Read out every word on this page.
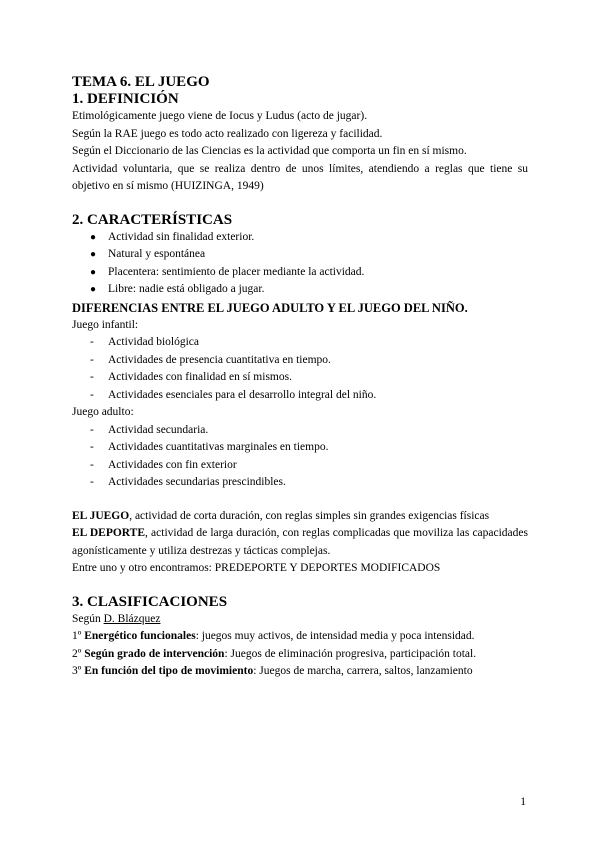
TEMA 6. EL JUEGO

1. DEFINICIÓN

Etimológicamente juego viene de Iocus y Ludus (acto de jugar).

Según la RAE juego es todo acto realizado con ligereza y facilidad.

Según el Diccionario de las Ciencias es la actividad que comporta un fin en sí mismo.

Actividad voluntaria, que se realiza dentro de unos límites, atendiendo a reglas que tiene su objetivo en sí mismo (HUIZINGA, 1949)

2. CARACTERÍSTICAS

● Actividad sin finalidad exterior.
● Natural y espontánea
● Placentera: sentimiento de placer mediante la actividad.
● Libre: nadie está obligado a jugar.

DIFERENCIAS ENTRE EL JUEGO ADULTO Y EL JUEGO DEL NIÑO.

Juego infantil:

- Actividad biológica
- Actividades de presencia cuantitativa en tiempo.
- Actividades con finalidad en sí mismos.
- Actividades esenciales para el desarrollo integral del niño.

Juego adulto:

- Actividad secundaria.
- Actividades cuantitativas marginales en tiempo.
- Actividades con fin exterior
- Actividades secundarias prescindibles.

EL JUEGO, actividad de corta duración, con reglas simples sin grandes exigencias físicas

EL DEPORTE, actividad de larga duración, con reglas complicadas que moviliza las capacidades agonísticamente y utiliza destrezas y tácticas complejas.

Entre uno y otro encontramos: PREDEPORTE Y DEPORTES MODIFICADOS

3. CLASIFICACIONES

Según D. Blázquez

1º Energético funcionales: juegos muy activos, de intensidad media y poca intensidad.

2º Según grado de intervención: Juegos de eliminación progresiva, participación total.

3º En función del tipo de movimiento: Juegos de marcha, carrera, saltos, lanzamiento

1
